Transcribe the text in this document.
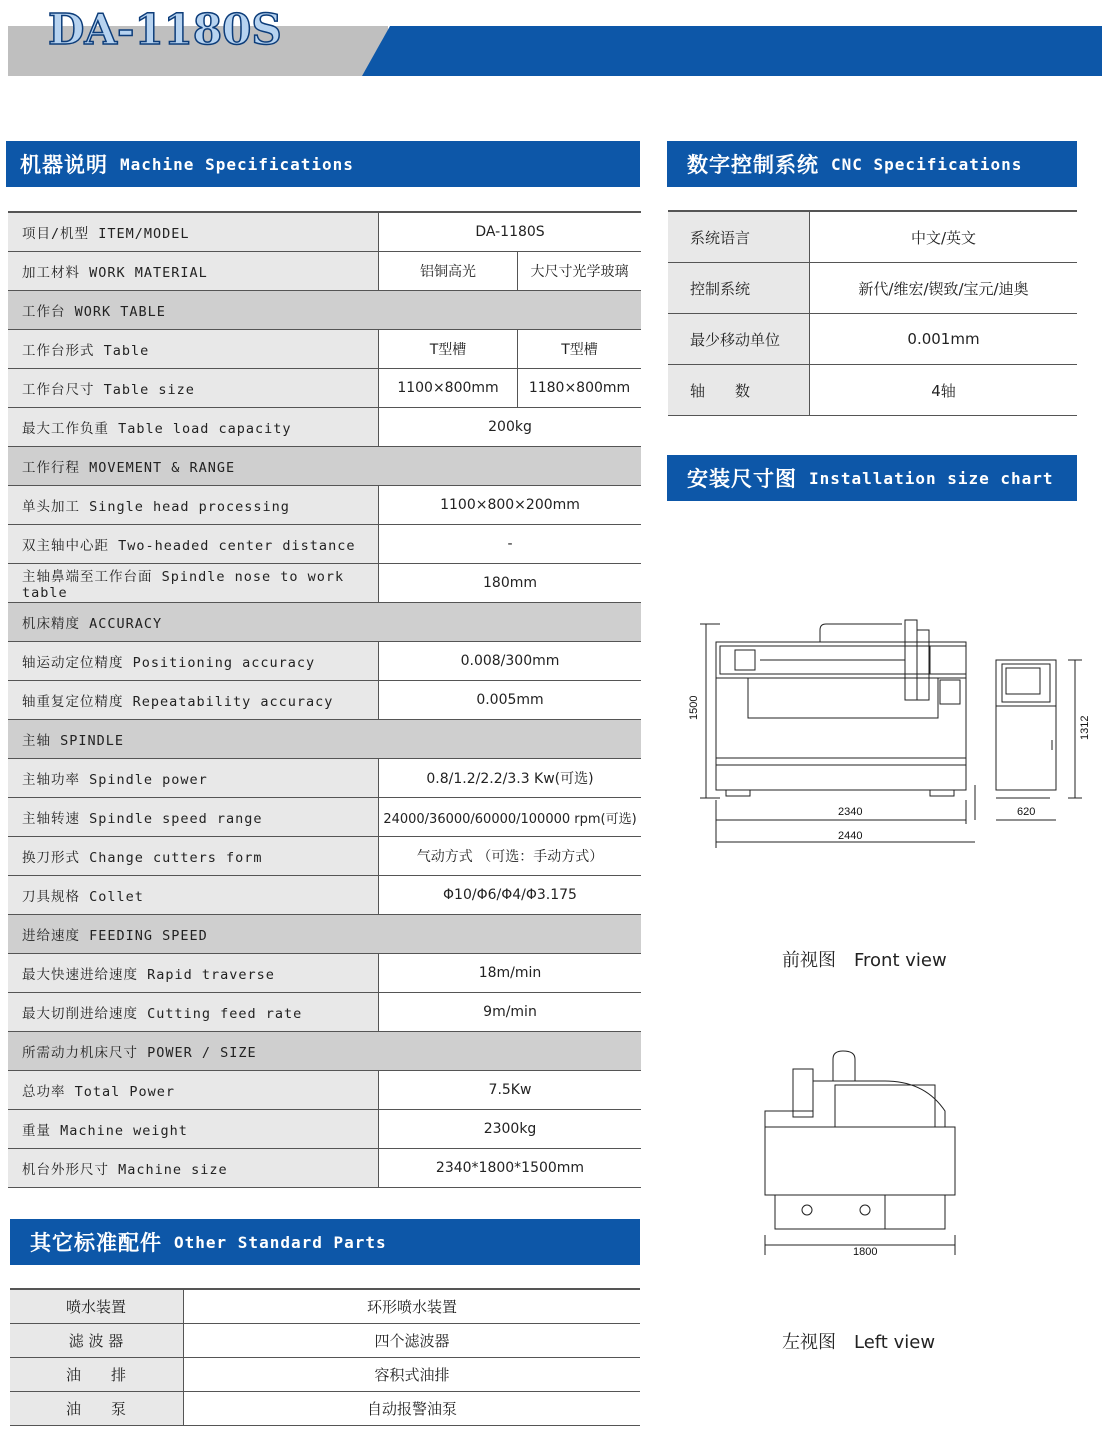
DA-1180S
机器说明 Machine Specifications	数字控制系统 CNC Specifications
安装尺寸图 Installation size chart
其它标准配件 Other Standard Parts
项目/机型 ITEM/MODEL	DA-1180S	
加工材料 WORK MATERIAL	铝铜高光	大尺寸光学玻璃
工作台 WORK TABLE		
工作台形式 Table	T型槽	T型槽
工作台尺寸 Table size	1100×800mm	1180×800mm
最大工作负重 Table load capacity	200kg	
工作行程 MOVEMENT & RANGE		
单头加工 Single head processing	1100×800×200mm	
双主轴中心距 Two-headed center distance	-	
主轴鼻端至工作台面 Spindle nose to work table	180mm	
机床精度 ACCURACY		
轴运动定位精度 Positioning accuracy	0.008/300mm	
轴重复定位精度 Repeatability accuracy	0.005mm	
主轴 SPINDLE		
主轴功率 Spindle power	0.8/1.2/2.2/3.3 Kw(可选)	
主轴转速 Spindle speed range	24000/36000/60000/100000 rpm(可选)	
换刀形式 Change cutters form	气动方式 （可选：手动方式）	
刀具规格 Collet	Φ10/Φ6/Φ4/Φ3.175	
进给速度 FEEDING SPEED		
最大快速进给速度 Rapid traverse	18m/min	
最大切削进给速度 Cutting feed rate	9m/min	
所需动力机床尺寸 POWER / SIZE		
总功率 Total Power	7.5Kw	
重量 Machine weight	2300kg	
机台外形尺寸 Machine size	2340*1800*1500mm	
系统语言	中文/英文
控制系统	新代/维宏/锲致/宝元/迪奥
最少移动单位	0.001mm
轴　　数	4轴
1500
2340
2440
1312
620
前视图　Front view
1800
左视图　Left view
喷水装置	环形喷水装置
滤 波 器	四个滤波器
油　　排	容积式油排
油　　泵	自动报警油泵
